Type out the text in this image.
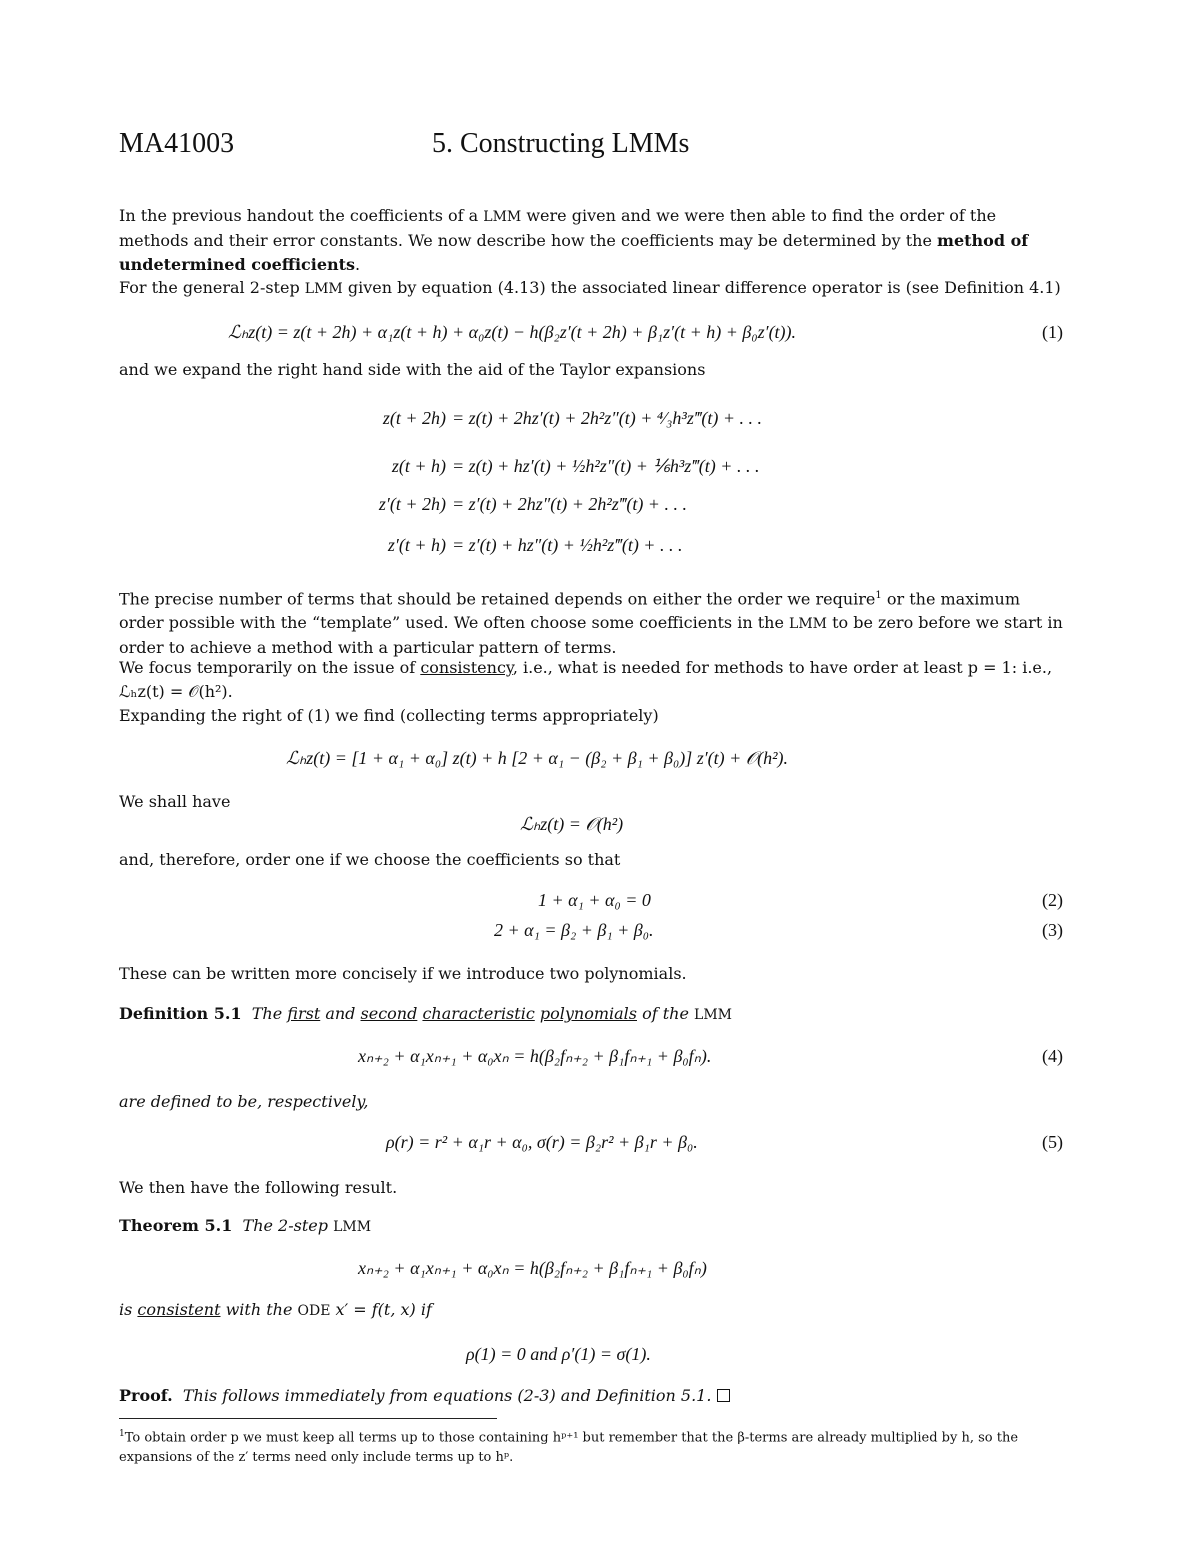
MA41003	5. Constructing LMMs

In the previous handout the coefficients of a LMM were given and we were then able to find the order of the methods and their error constants. We now describe how the coefficients may be determined by the method of undetermined coefficients.

For the general 2-step LMM given by equation (4.13) the associated linear difference operator is (see Definition 4.1)

ℒₕz(t) = z(t + 2h) + α₁z(t + h) + α₀z(t) − h(β₂z′(t + 2h) + β₁z′(t + h) + β₀z′(t)).	(1)
and we expand the right hand side with the aid of the Taylor expansions
z(t + 2h) = z(t) + 2hz′(t) + 2h²z″(t) + ⁴⁄₃h³z‴(t) + . . .
z(t + h) = z(t) + hz′(t) + ½h²z″(t) + ⅙h³z‴(t) + . . .
z′(t + 2h) = z′(t) + 2hz″(t) + 2h²z‴(t) + . . .
z′(t + h) = z′(t) + hz″(t) + ½h²z‴(t) + . . .

The precise number of terms that should be retained depends on either the order we require$^1$ or the maximum order possible with the “template” used. We often choose some coefficients in the LMM to be zero before we start in order to achieve a method with a particular pattern of terms.

We focus temporarily on the issue of consistency, i.e., what is needed for methods to have order at least p = 1: i.e., ℒₕz(t) = 𝒪(h²).
Expanding the right of (1) we find (collecting terms appropriately)

ℒₕz(t) = [1 + α₁ + α₀] z(t) + h [2 + α₁ − (β₂ + β₁ + β₀)] z′(t) + 𝒪(h²).
We shall have
ℒₕz(t) = 𝒪(h²)
and, therefore, order one if we choose the coefficients so that
1 + α₁ + α₀ = 0	(2)
2 + α₁ = β₂ + β₁ + β₀.	(3)
These can be written more concisely if we introduce two polynomials.

Definition 5.1 The first and second characteristic polynomials of the LMM

xₙ₊₂ + α₁xₙ₊₁ + α₀xₙ = h(β₂fₙ₊₂ + β₁fₙ₊₁ + β₀fₙ).	(4)
are defined to be, respectively,
ρ(r) = r² + α₁r + α₀, σ(r) = β₂r² + β₁r + β₀.	(5)
We then have the following result.

Theorem 5.1 The 2-step LMM

xₙ₊₂ + α₁xₙ₊₁ + α₀xₙ = h(β₂fₙ₊₂ + β₁fₙ₊₁ + β₀fₙ)

is consistent with the ODE x′ = f(t, x) if

ρ(1) = 0 and ρ′(1) = σ(1).

Proof. This follows immediately from equations (2-3) and Definition 5.1.

$^1$To obtain order p we must keep all terms up to those containing hᵖ⁺¹ but remember that the β-terms are already multiplied by h, so the expansions of the z′ terms need only include terms up to hᵖ.
